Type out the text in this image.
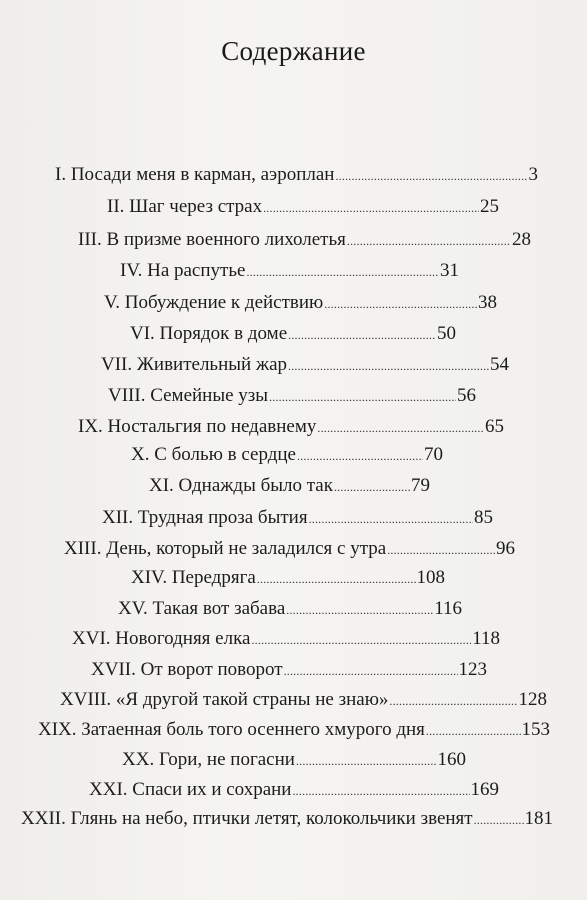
Содержание
I. Посади меня в карман, аэроплан .....	3
II. Шаг через страх .....	25
III. В призме военного лихолетья .....	28
IV. На распутье .....	31
V. Побуждение к действию .....	38
VI. Порядок в доме .....	50
VII. Живительный жар .....	54
VIII. Семейные узы .....	56
IX. Ностальгия по недавнему .....	65
X. С болью в сердце .....	70
XI. Однажды было так .....	79
XII. Трудная проза бытия .....	85
XIII. День, который не заладился с утра .....	96
XIV. Передряга .....	108
XV. Такая вот забава .....	116
XVI. Новогодняя елка .....	118
XVII. От ворот поворот .....	123
XVIII. «Я другой такой страны не знаю» .....	128
XIX. Затаенная боль того осеннего хмурого дня .....	153
XX. Гори, не погасни .....	160
XXI. Спаси их и сохрани .....	169
XXII. Глянь на небо, птички летят, колокольчики звенят .....	181
